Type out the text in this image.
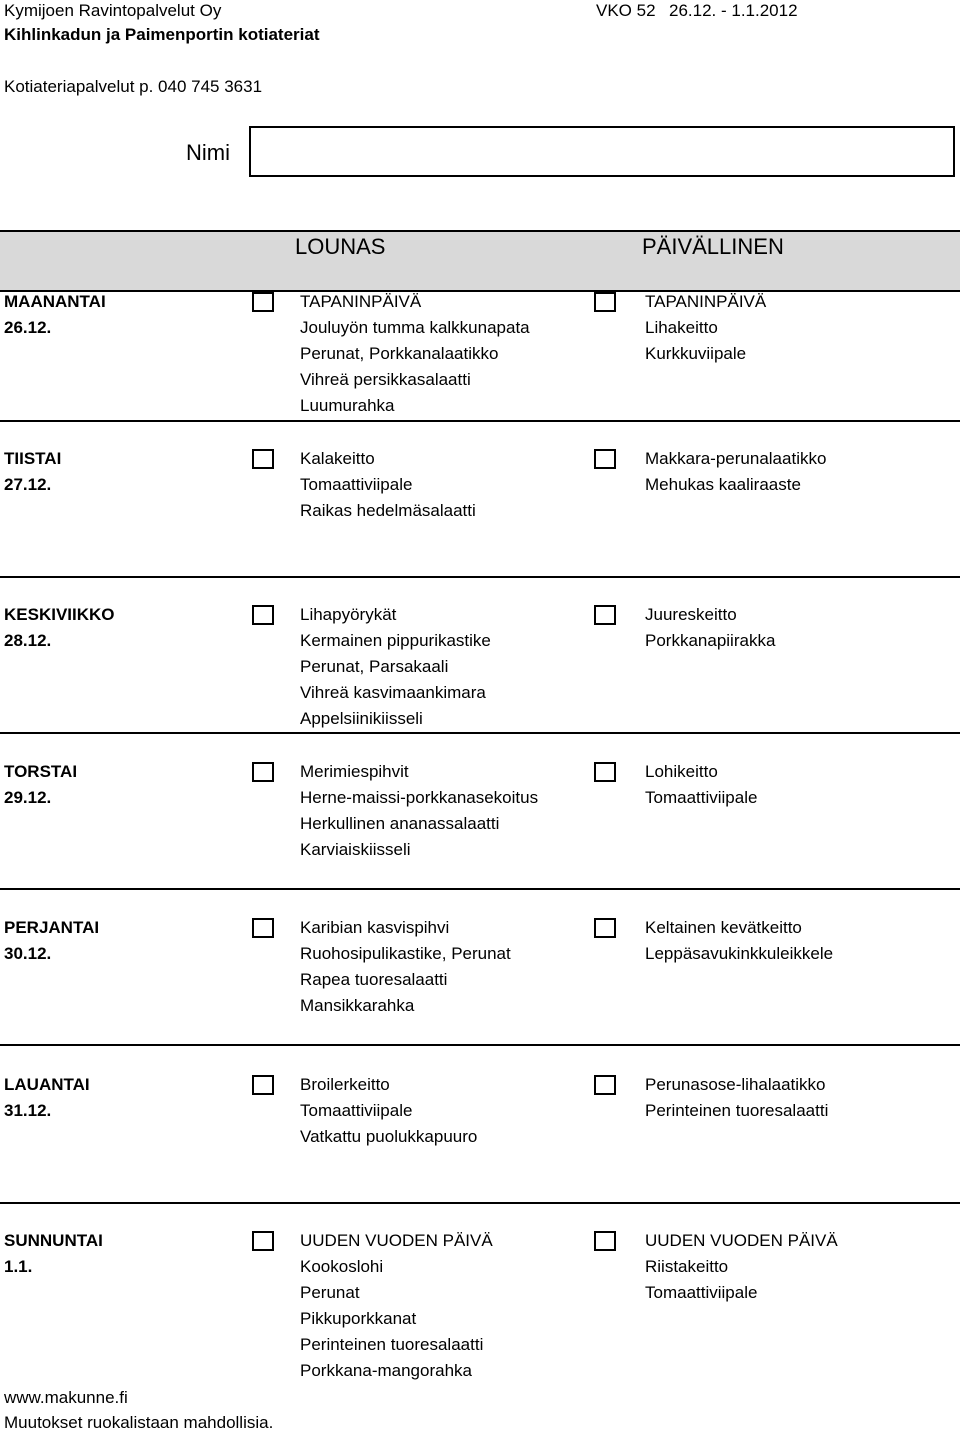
Kymijoen Ravintopalvelut Oy	VKO 52 26.12. - 1.1.2012
Kihlinkadun ja Paimenportin kotiateriat
Kotiateriapalvelut p. 040 745 3631
Nimi
LOUNAS	PÄIVÄLLINEN
MAANANTAI
26.12.
TAPANINPÄIVÄ
Jouluyön tumma kalkkunapata
Perunat, Porkkanalaatikko
Vihreä persikkasalaatti
Luumurahka
TAPANINPÄIVÄ
Lihakeitto
Kurkkuviipale
TIISTAI
27.12.
Kalakeitto
Tomaattiviipale
Raikas hedelmäsalaatti
Makkara-perunalaatikko
Mehukas kaaliraaste
KESKIVIIKKO
28.12.
Lihapyörykät
Kermainen pippurikastike
Perunat, Parsakaali
Vihreä kasvimaankimara
Appelsiinikiisseli
Juureskeitto
Porkkanapiirakka
TORSTAI
29.12.
Merimiespihvit
Herne-maissi-porkkanasekoitus
Herkullinen ananassalaatti
Karviaiskiisseli
Lohikeitto
Tomaattiviipale
PERJANTAI
30.12.
Karibian kasvispihvi
Ruohosipulikastike, Perunat
Rapea tuoresalaatti
Mansikkarahka
Keltainen kevätkeitto
Leppäsavukinkkuleikkele
LAUANTAI
31.12.
Broilerkeitto
Tomaattiviipale
Vatkattu puolukkapuuro
Perunasose-lihalaatikko
Perinteinen tuoresalaatti
SUNNUNTAI
1.1.
UUDEN VUODEN PÄIVÄ
Kookoslohi
Perunat
Pikkuporkkanat
Perinteinen tuoresalaatti
Porkkana-mangorahka
UUDEN VUODEN PÄIVÄ
Riistakeitto
Tomaattiviipale
www.makunne.fi
Muutokset ruokalistaan mahdollisia.
